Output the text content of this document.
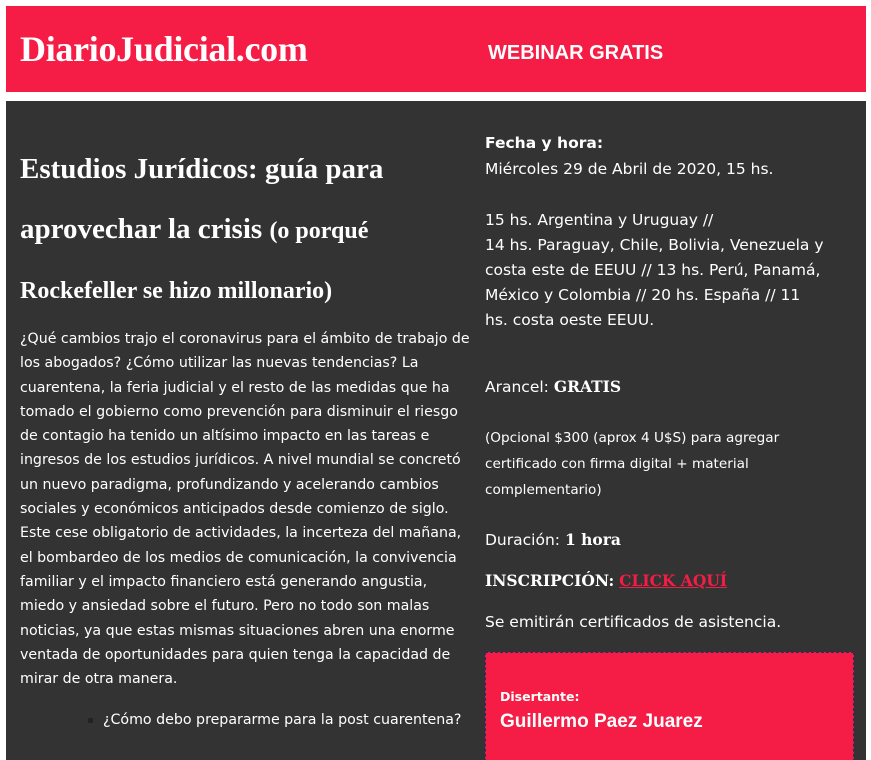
DiarioJudicial.com	WEBINAR GRATIS
Estudios Jurídicos: guía para
aprovechar la crisis (o porqué
Rockefeller se hizo millonario)

¿Qué cambios trajo el coronavirus para el ámbito de trabajo de los abogados? ¿Cómo utilizar las nuevas tendencias? La cuarentena, la feria judicial y el resto de las medidas que ha tomado el gobierno como prevención para disminuir el riesgo de contagio ha tenido un altísimo impacto en las tareas e ingresos de los estudios jurídicos. A nivel mundial se concretó un nuevo paradigma, profundizando y acelerando cambios sociales y económicos anticipados desde comienzo de siglo. Este cese obligatorio de actividades, la incerteza del mañana, el bombardeo de los medios de comunicación, la convivencia familiar y el impacto financiero está generando angustia, miedo y ansiedad sobre el futuro. Pero no todo son malas noticias, ya que estas mismas situaciones abren una enorme ventada de oportunidades para quien tenga la capacidad de mirar de otra manera.

¿Cómo debo prepararme para la post cuarentena?

Fecha y hora:

Miércoles 29 de Abril de 2020, 15 hs.

15 hs. Argentina y Uruguay //

14 hs. Paraguay, Chile, Bolivia, Venezuela y

costa este de EEUU // 13 hs. Perú, Panamá,

México y Colombia // 20 hs. España // 11

hs. costa oeste EEUU.

Arancel: GRATIS

(Opcional $300 (aprox 4 U$S) para agregar

certificado con firma digital + material

complementario)

Duración: 1 hora

INSCRIPCIÓN: CLICK AQUÍ

Se emitirán certificados de asistencia.

Disertante:
Guillermo Paez Juarez
